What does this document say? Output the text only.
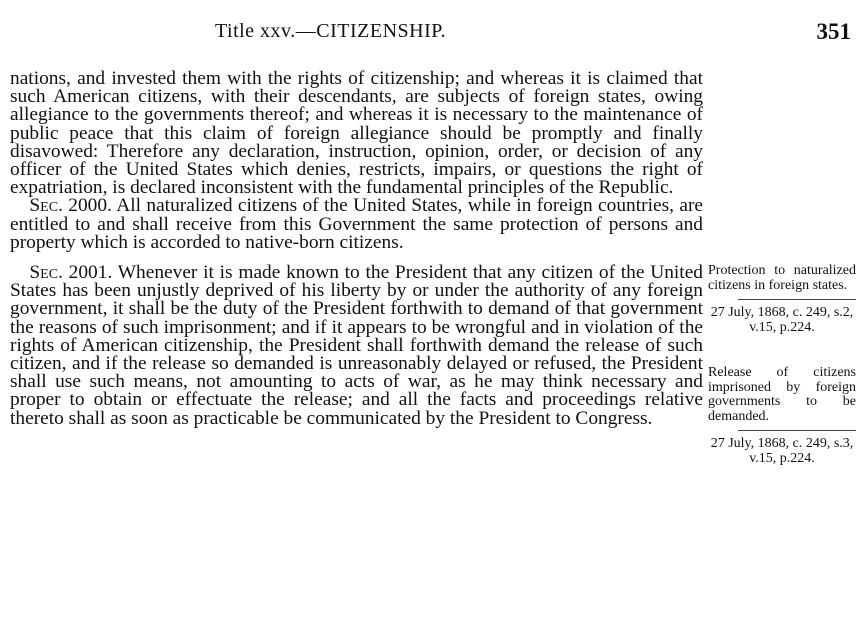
Title xxv.—CITIZENSHIP.	351

nations, and invested them with the rights of citizenship; and whereas it is claimed that such American citizens, with their descendants, are subjects of foreign states, owing allegiance to the governments thereof; and whereas it is necessary to the maintenance of public peace that this claim of foreign allegiance should be promptly and finally disavowed: Therefore any declaration, instruction, opinion, order, or decision of any officer of the United States which denies, restricts, impairs, or questions the right of expatriation, is declared inconsistent with the fundamental principles of the Republic.

 Sec. 2000. All naturalized citizens of the United States, while in foreign countries, are entitled to and shall receive from this Government the same protection of persons and property which is accorded to native-born citizens.

 Sec. 2001. Whenever it is made known to the President that any citizen of the United States has been unjustly deprived of his liberty by or under the authority of any foreign government, it shall be the duty of the President forthwith to demand of that government the reasons of such imprisonment; and if it appears to be wrongful and in violation of the rights of American citizenship, the President shall forthwith demand the release of such citizen, and if the release so demanded is unreasonably delayed or refused, the President shall use such means, not amounting to acts of war, as he may think necessary and proper to obtain or effectuate the release; and all the facts and proceedings relative thereto shall as soon as practicable be communicated by the President to Congress.

Protection to naturalized citizens in foreign states.
27 July, 1868, c. 249, s.2, v.15, p.224.
Release of citizens imprisoned by foreign governments to be demanded.
27 July, 1868, c. 249, s.3, v.15, p.224.
